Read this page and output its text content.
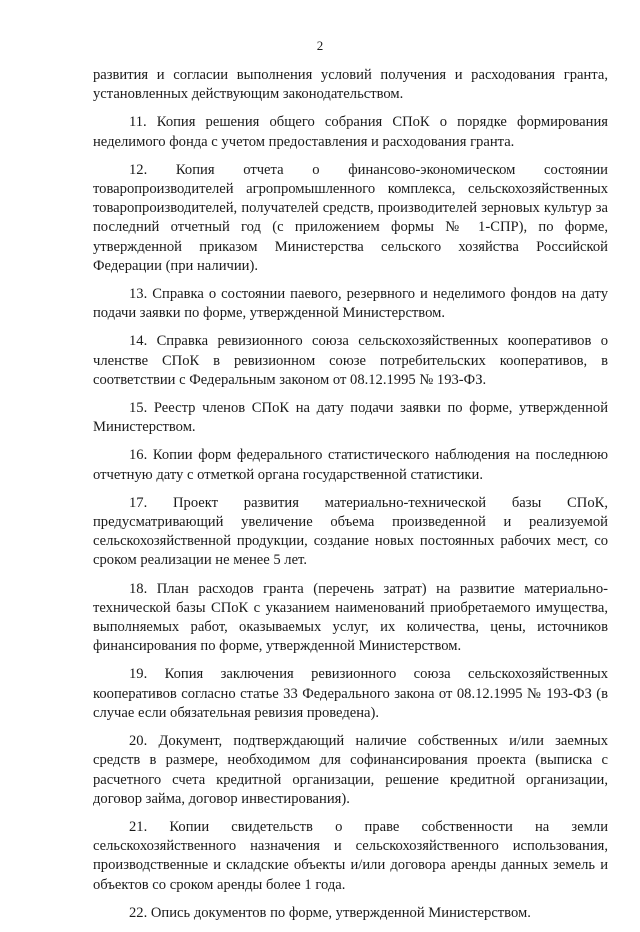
2

развития и согласии выполнения условий получения и расходования гранта, установленных действующим законодательством.

11. Копия решения общего собрания СПоК о порядке формирования неделимого фонда с учетом предоставления и расходования гранта.

12. Копия отчета о финансово-экономическом состоянии товаропроизводителей агропромышленного комплекса, сельскохозяйственных товаропроизводителей, получателей средств, производителей зерновых культур за последний отчетный год (с приложением формы № 1-СПР), по форме, утвержденной приказом Министерства сельского хозяйства Российской Федерации (при наличии).

13. Справка о состоянии паевого, резервного и неделимого фондов на дату подачи заявки по форме, утвержденной Министерством.

14. Справка ревизионного союза сельскохозяйственных кооперативов о членстве СПоК в ревизионном союзе потребительских кооперативов, в соответствии с Федеральным законом от 08.12.1995 № 193-ФЗ.

15. Реестр членов СПоК на дату подачи заявки по форме, утвержденной Министерством.

16. Копии форм федерального статистического наблюдения на последнюю отчетную дату с отметкой органа государственной статистики.

17. Проект развития материально-технической базы СПоК, предусматривающий увеличение объема произведенной и реализуемой сельскохозяйственной продукции, создание новых постоянных рабочих мест, со сроком реализации не менее 5 лет.

18. План расходов гранта (перечень затрат) на развитие материально-технической базы СПоК с указанием наименований приобретаемого имущества, выполняемых работ, оказываемых услуг, их количества, цены, источников финансирования по форме, утвержденной Министерством.

19. Копия заключения ревизионного союза сельскохозяйственных кооперативов согласно статье 33 Федерального закона от 08.12.1995 № 193-ФЗ (в случае если обязательная ревизия проведена).

20. Документ, подтверждающий наличие собственных и/или заемных средств в размере, необходимом для софинансирования проекта (выписка с расчетного счета кредитной организации, решение кредитной организации, договор займа, договор инвестирования).

21. Копии свидетельств о праве собственности на земли сельскохозяйственного назначения и сельскохозяйственного использования, производственные и складские объекты и/или договора аренды данных земель и объектов со сроком аренды более 1 года.

22. Опись документов по форме, утвержденной Министерством.
